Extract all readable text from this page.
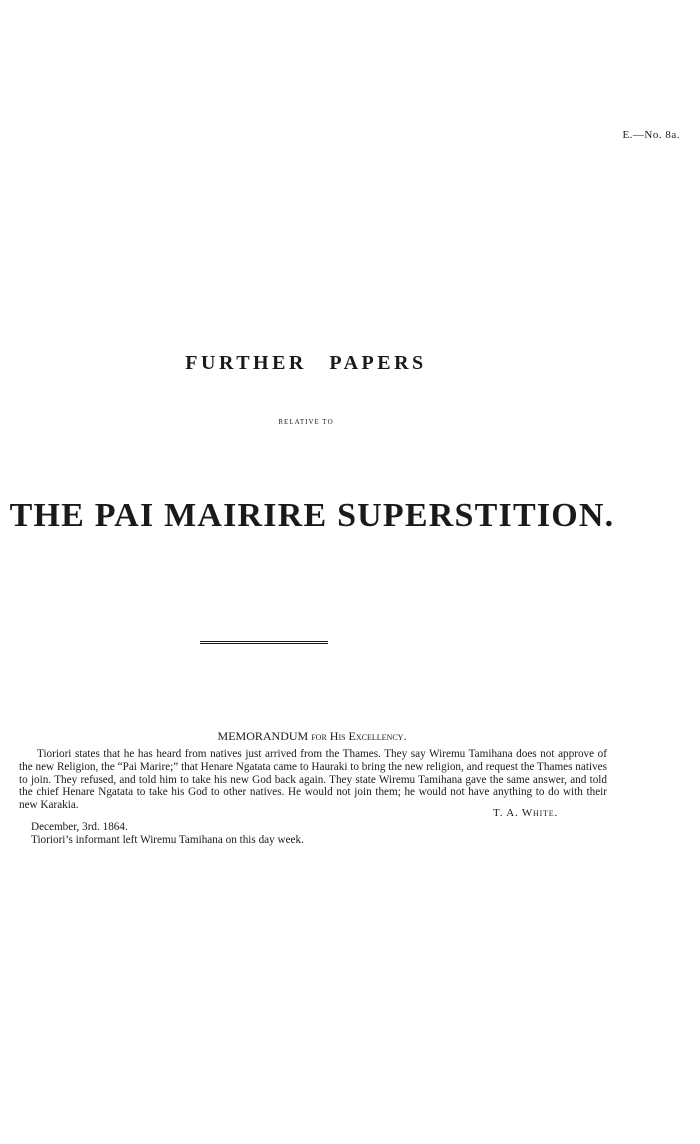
E.—No. 8a.
FURTHER PAPERS
RELATIVE TO
THE PAI MAIRIRE SUPERSTITION.
MEMORANDUM for His Excellency.

Tioriori states that he has heard from natives just arrived from the Thames. They say Wiremu Tamihana does not approve of the new Religion, the “Pai Marire;” that Henare Ngatata came to Hauraki to bring the new religion, and request the Thames natives to join. They refused, and told him to take his new God back again. They state Wiremu Tamihana gave the same answer, and told the chief Henare Ngatata to take his God to other natives. He would not join them; he would not have anything to do with their new Karakia.

T. A. White.
December, 3rd. 1864.
Tioriori’s informant left Wiremu Tamihana on this day week.
